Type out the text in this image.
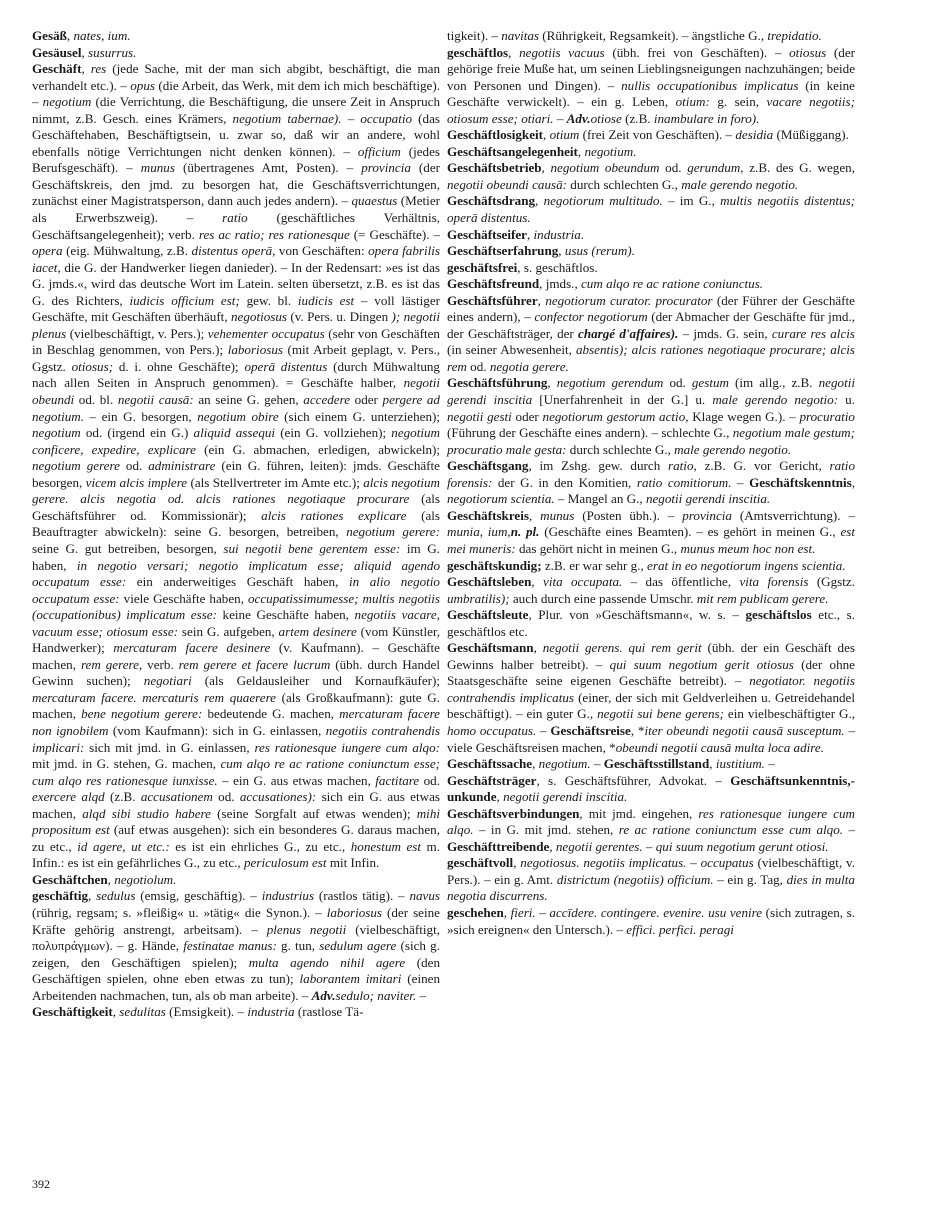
Gesäß, nates, ium.
Gesäusel, susurrus.
Geschäft, res (jede Sache, mit der man sich abgibt, beschäftigt, die man verhandelt etc.). – opus (die Arbeit, das Werk, mit dem ich mich beschäftige). – negotium (die Verrichtung, die Beschäftigung, die unsere Zeit in Anspruch nimmt, z.B. Gesch. eines Krämers, negotium tabernae). – occupatio (das Geschäftehaben, Beschäftigtsein, u. zwar so, daß wir an andere, wohl ebenfalls nötige Verrichtungen nicht denken können). – officium (jedes Berufsgeschäft). – munus (übertragenes Amt, Posten). – provincia (der Geschäftskreis, den jmd. zu besorgen hat, die Geschäftsverrichtungen, zunächst einer Magistratsperson, dann auch jedes andern). – quaestus (Metier als Erwerbszweig). – ratio (geschäftliches Verhältnis, Geschäftsangelegenheit); verb. res ac ratio; res rationesque (= Geschäfte). – opera (eig. Mühwaltung, z.B. distentus operā, von Geschäften: opera fabrilis iacet, die G. der Handwerker liegen danieder). – In der Redensart: »es ist das G. jmds.«, wird das deutsche Wort im Latein. selten übersetzt, z.B. es ist das G. des Richters, iudicis officium est; gew. bl. iudicis est – voll lästiger Geschäfte, mit Geschäften überhäuft, negotiosus (v. Pers. u. Dingen ); negotii plenus (vielbeschäftigt, v. Pers.); vehementer occupatus (sehr von Geschäften in Beschlag genommen, von Pers.); laboriosus (mit Arbeit geplagt, v. Pers., Ggstz. otiosus; d. i. ohne Geschäfte); operā distentus (durch Mühwaltung nach allen Seiten in Anspruch genommen). = Geschäfte halber, negotii obeundi od. bl. negotii causā: an seine G. gehen, accedere oder pergere ad negotium. – ein G. besorgen, negotium obire (sich einem G. unterziehen); negotium od. (irgend ein G.) aliquid assequi (ein G. vollziehen); negotium conficere, expedire, explicare (ein G. abmachen, erledigen, abwickeln); negotium gerere od. administrare (ein G. führen, leiten): jmds. Geschäfte besorgen, vicem alcis implere (als Stellvertreter im Amte etc.); alcis negotium gerere. alcis negotia od. alcis rationes negotiaque procurare (als Geschäftsführer od. Kommissionär); alcis rationes explicare (als Beauftragter abwickeln): seine G. besorgen, betreiben, negotium gerere: seine G. gut betreiben, besorgen, sui negotii bene gerentem esse: im G. haben, in negotio versari; negotio implicatum esse; aliquid agendo occupatum esse: ein anderweitiges Geschäft haben, in alio negotio occupatum esse: viele Geschäfte haben, occupatissimumesse; multis negotiis (occupationibus) implicatum esse: keine Geschäfte haben, negotiis vacare, vacuum esse; otiosum esse: sein G. aufgeben, artem desinere (vom Künstler, Handwerker); mercaturam facere desinere (v. Kaufmann). – Geschäfte machen, rem gerere, verb. rem gerere et facere lucrum (übh. durch Handel Gewinn suchen); negotiari (als Geldausleiher und Kornaufkäufer); mercaturam facere. mercaturis rem quaerere (als Großkaufmann): gute G. machen, bene negotium gerere: bedeutende G. machen, mercaturam facere non ignobilem (vom Kaufmann): sich in G. einlassen, negotiis contrahendis implicari: sich mit jmd. in G. einlassen, res rationesque iungere cum alqo: mit jmd. in G. stehen, G. machen, cum alqo re ac ratione coniunctum esse; cum alqo res rationesque iunxisse. – ein G. aus etwas machen, factitare od. exercere alqd (z.B. accusationem od. accusationes): sich ein G. aus etwas machen, alqd sibi studio habere (seine Sorgfalt auf etwas wenden); mihi propositum est (auf etwas ausgehen): sich ein besonderes G. daraus machen, zu etc., id agere, ut etc.: es ist ein ehrliches G., zu etc., honestum est m. Infin.: es ist ein gefährliches G., zu etc., periculosum est mit Infin.
Geschäftchen, negotiolum.
geschäftig, sedulus (emsig, geschäftig). – industrius (rastlos tätig). – navus (rührig, regsam; s. »fleißig« u. »tätig« die Synon.). – laboriosus (der seine Kräfte gehörig anstrengt, arbeitsam). – plenus negotii (vielbeschäftigt, πολυπράγμων). – g. Hände, festinatae manus: g. tun, sedulum agere (sich g. zeigen, den Geschäftigen spielen); multa agendo nihil agere (den Geschäftigen spielen, ohne eben etwas zu tun); laborantem imitari (einen Arbeitenden nachmachen, tun, als ob man arbeite). – Adv.sedulo; naviter. –
Geschäftigkeit, sedulitas (Emsigkeit). – industria (rastlose Tä-
tigkeit). – navitas (Rührigkeit, Regsamkeit). – ängstliche G., trepidatio.
geschäftlos, negotiis vacuus (übh. frei von Geschäften). – otiosus (der gehörige freie Muße hat, um seinen Lieblingsneigungen nachzuhängen; beide von Personen und Dingen). – nullis occupationibus implicatus (in keine Geschäfte verwickelt). – ein g. Leben, otium: g. sein, vacare negotiis; otiosum esse; otiari. – Adv.otiose (z.B. inambulare in foro).
Geschäftlosigkeit, otium (frei Zeit von Geschäften). – desidia (Müßiggang).
Geschäftsangelegenheit, negotium.
Geschäftsbetrieb, negotium obeundum od. gerundum, z.B. des G. wegen, negotii obeundi causā: durch schlechten G., male gerendo negotio.
Geschäftsdrang, negotiorum multitudo. – im G., multis negotiis distentus; operā distentus.
Geschäftseifer, industria.
Geschäftserfahrung, usus (rerum).
geschäftsfrei, s. geschäftlos.
Geschäftsfreund, jmds., cum alqo re ac ratione coniunctus.
Geschäftsführer, negotiorum curator. procurator (der Führer der Geschäfte eines andern), – confector negotiorum (der Abmacher der Geschäfte für jmd., der Geschäftsträger, der chargé d'affaires). – jmds. G. sein, curare res alcis (in seiner Abwesenheit, absentis); alcis rationes negotiaque procurare; alcis rem od. negotia gerere.
Geschäftsführung, negotium gerendum od. gestum (im allg., z.B. negotii gerendi inscitia [Unerfahrenheit in der G.] u. male gerendo negotio: u. negotii gesti oder negotiorum gestorum actio, Klage wegen G.). – procuratio (Führung der Geschäfte eines andern). – schlechte G., negotium male gestum; procuratio male gesta: durch schlechte G., male gerendo negotio.
Geschäftsgang, im Zshg. gew. durch ratio, z.B. G. vor Gericht, ratio forensis: der G. in den Komitien, ratio comitiorum. – Geschäftskenntnis, negotiorum scientia. – Mangel an G., negotii gerendi inscitia.
Geschäftskreis, munus (Posten übh.). – provincia (Amtsverrichtung). – munia, ium,n. pl. (Geschäfte eines Beamten). – es gehört in meinen G., est mei muneris: das gehört nicht in meinen G., munus meum hoc non est.
geschäftskundig; z.B. er war sehr g., erat in eo negotiorum ingens scientia.
Geschäftsleben, vita occupata. – das öffentliche, vita forensis (Ggstz. umbratilis); auch durch eine passende Umschr. mit rem publicam gerere.
Geschäftsleute, Plur. von »Geschäftsmann«, w. s. – geschäftslos etc., s. geschäftlos etc.
Geschäftsmann, negotii gerens. qui rem gerit (übh. der ein Geschäft des Gewinns halber betreibt). – qui suum negotium gerit otiosus (der ohne Staatsgeschäfte seine eigenen Geschäfte betreibt). – negotiator. negotiis contrahendis implicatus (einer, der sich mit Geldverleihen u. Getreidehandel beschäftigt). – ein guter G., negotii sui bene gerens; ein vielbeschäftigter G., homo occupatus. – Geschäftsreise, *iter obeundi negotii causā susceptum. – viele Geschäftsreisen machen, *obeundi negotii causā multa loca adire.
Geschäftssache, negotium. – Geschäftsstillstand, iustitium. –
Geschäftsträger, s. Geschäftsführer, Advokat. – Geschäftsunkenntnis,-unkunde, negotii gerendi inscitia.
Geschäftsverbindungen, mit jmd. eingehen, res rationesque iungere cum alqo. – in G. mit jmd. stehen, re ac ratione coniunctum esse cum alqo. – Geschäfttreibende, negotii gerentes. – qui suum negotium gerunt otiosi.
geschäftvoll, negotiosus. negotiis implicatus. – occupatus (vielbeschäftigt, v. Pers.). – ein g. Amt. districtum (negotiis) officium. – ein g. Tag, dies in multa negotia discurrens.
geschehen, fieri. – accīdere. contingere. evenire. usu venire (sich zutragen, s. »sich ereignen« den Untersch.). – effici. perfici. peragi
392
